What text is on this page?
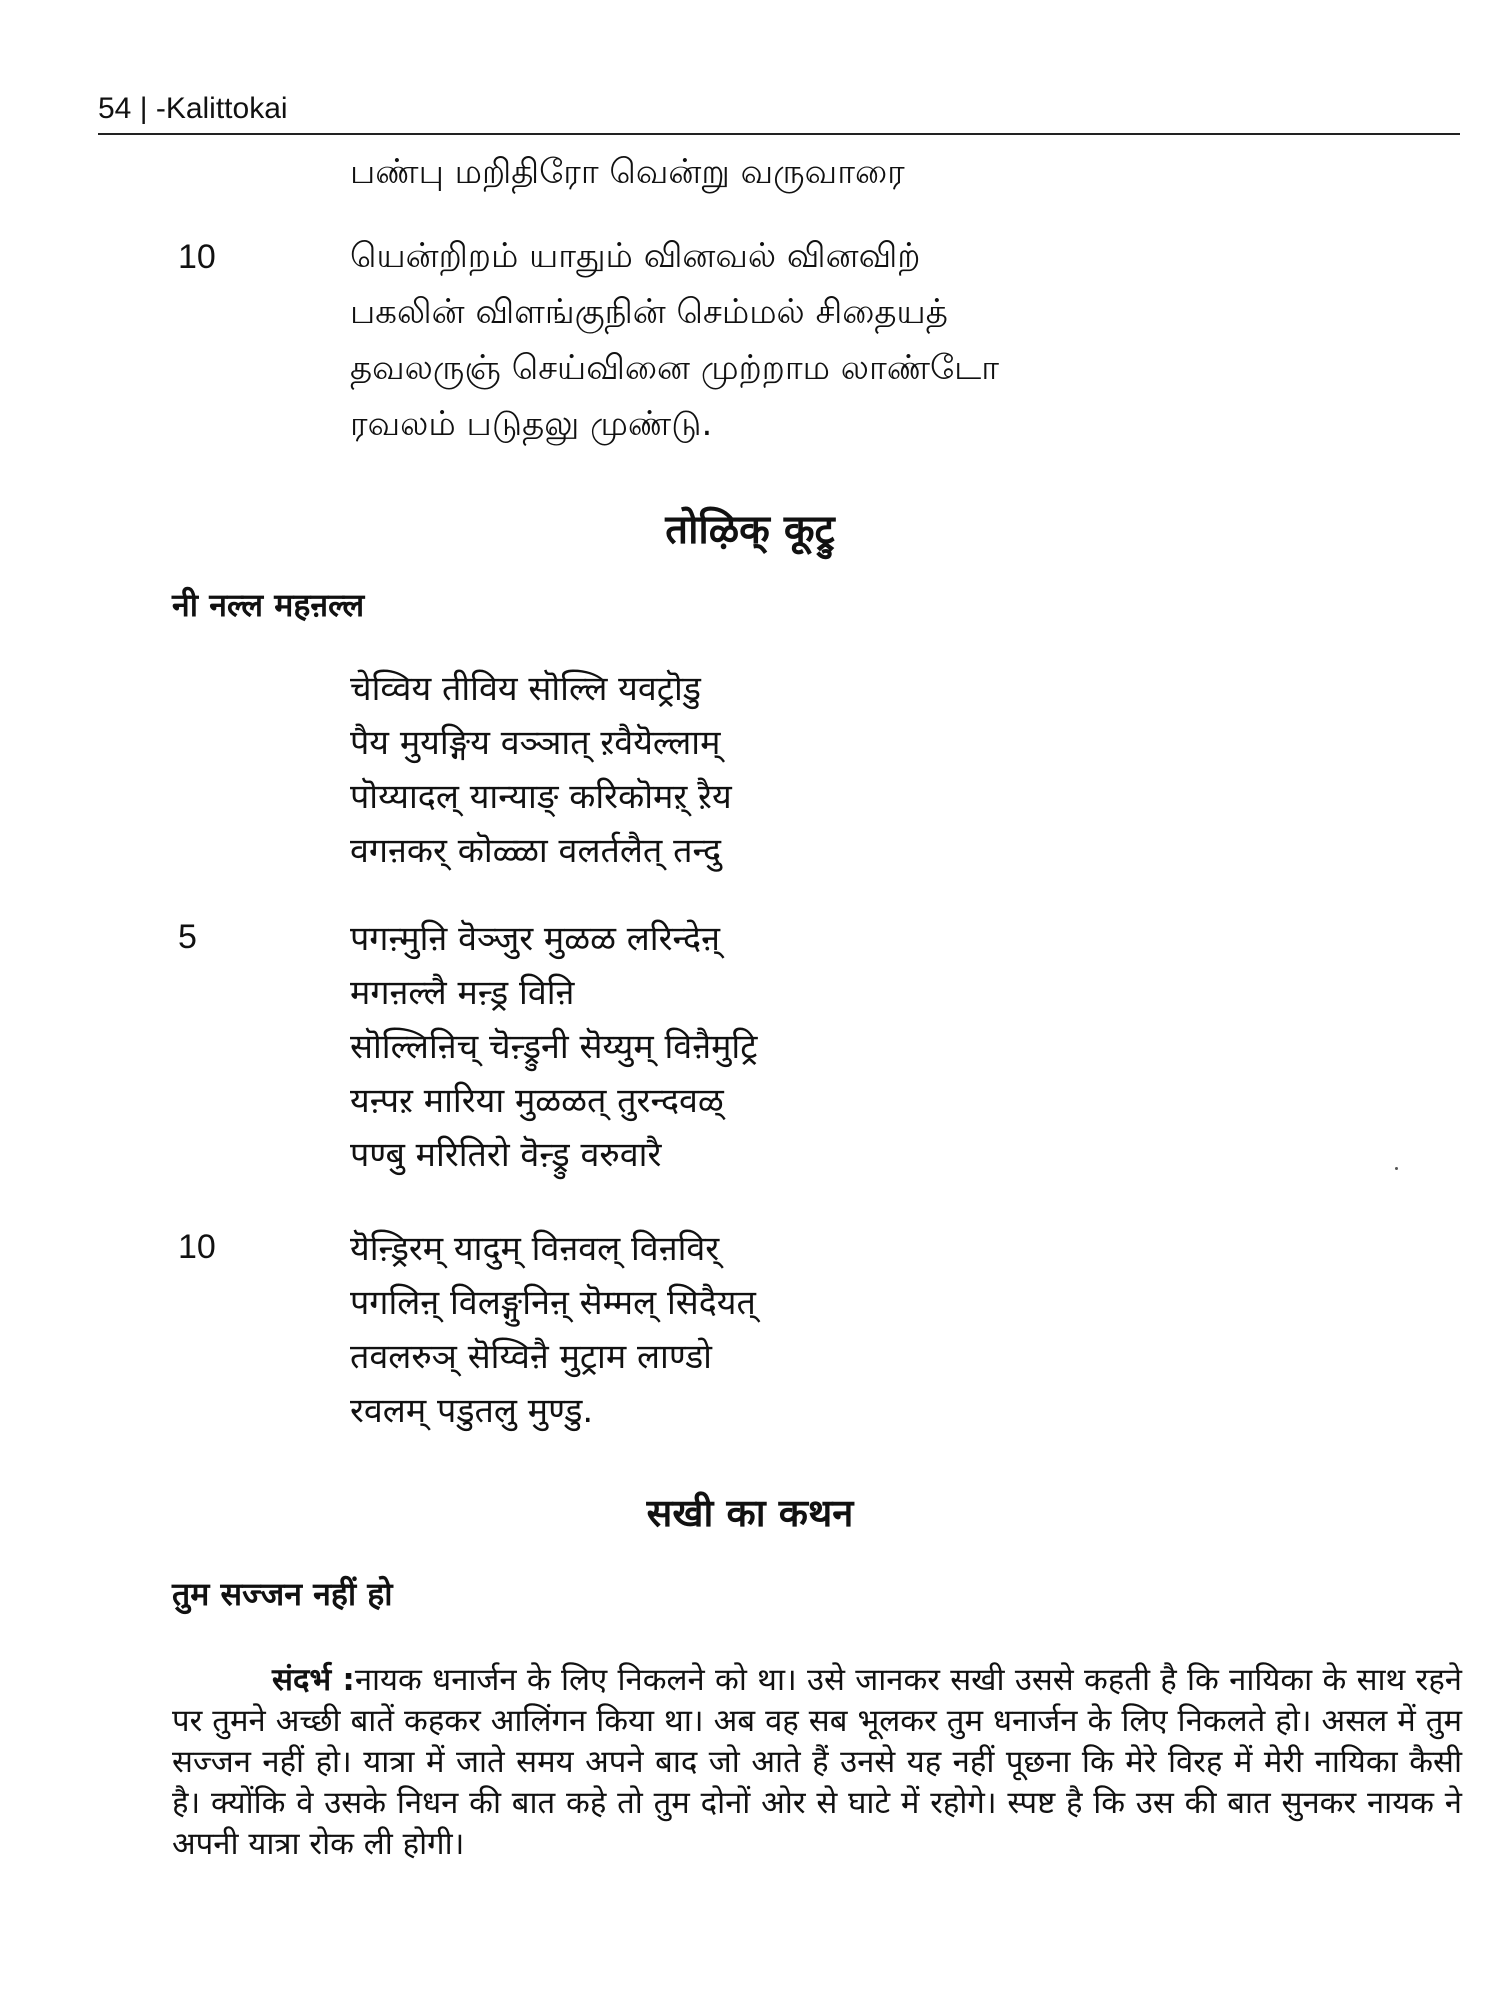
54 | -Kalittokai
பண்பு மறிதிரோ வென்று வருவாரை
10	யென்றிறம் யாதும் வினவல் வினவிற்
பகலின் விளங்குநின் செம்மல் சிதையத்
தவலருஞ் செய்வினை முற்றாம லாண்டோ
ரவலம் படுதலு முண்டு.
तोऴिक् कूट्रु
नी नल्ल महऩल्ल
चेव्विय तीविय सॊल्लि यवट्रॊडु
पैय मुयङ्गिय वञ्ञात् ऱवैयॆल्लाम्
पॊय्यादल् यान्याङ् करिकॊमऱ् ऱैय
वगऩकर् कॊळ्ळा वलर्तलैत् तन्दु
5	पगऩ्मुऩि वॆञ्जुर मुळळ लरिन्देऩ्
मगऩल्लै मऩ्ड्र विऩि
सॊल्लिऩिच् चॆऩ्ड्रुनी सॆय्युम् विऩैमुट्रि
यऩ्पऱ मारिया मुळळत् तुरन्दवळ्
पण्बु मरितिरो वॆऩ्ड्रु वरुवारै
10	यॆऩ्ड्रिरम् यादुम् विऩवल् विऩविर्
पगलिऩ् विलङ्गुनिऩ् सॆम्मल् सिदैयत्
तवलरुञ् सॆय्विऩै मुट्राम लाण्डो
रवलम् पडुतलु मुण्डु.
सखी का कथन
तुम सज्जन नहीं हो
संदर्भ :नायक धनार्जन के लिए निकलने को था। उसे जानकर सखी उससे कहती है कि नायिका के साथ रहने पर तुमने अच्छी बातें कहकर आलिंगन किया था। अब वह सब भूलकर तुम धनार्जन के लिए निकलते हो। असल में तुम सज्जन नहीं हो। यात्रा में जाते समय अपने बाद जो आते हैं उनसे यह नहीं पूछना कि मेरे विरह में मेरी नायिका कैसी है। क्योंकि वे उसके निधन की बात कहे तो तुम दोनों ओर से घाटे में रहोगे। स्पष्ट है कि उस की बात सुनकर नायक ने अपनी यात्रा रोक ली होगी।
